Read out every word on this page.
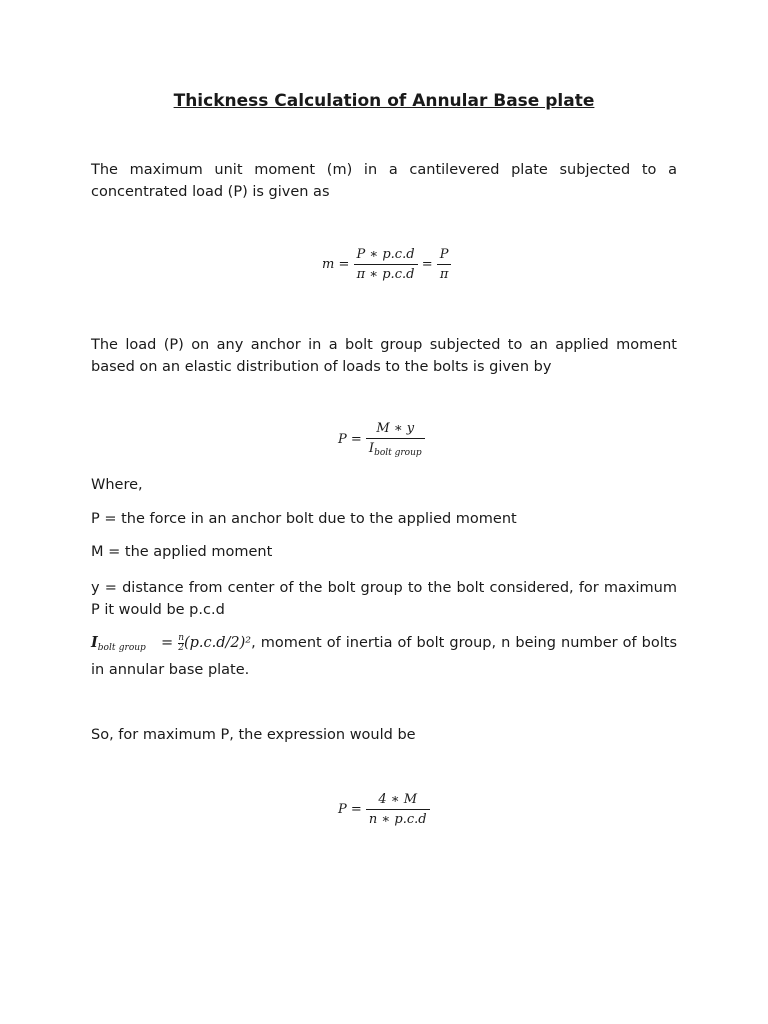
Thickness Calculation of Annular Base plate
The maximum unit moment (m) in a cantilevered plate subjected to a concentrated load (P) is given as
$m = \frac{P ∗ p.c.d}{\pi ∗ p.c.d} = \frac{P}{\pi}$
The load (P) on any anchor in a bolt group subjected to an applied moment based on an elastic distribution of loads to the bolts is given by
$P = \frac{M ∗ y}{I_{bolt group}}$
Where,
P = the force in an anchor bolt due to the applied moment
M = the applied moment
y = distance from center of the bolt group to the bolt considered, for maximum P it would be p.c.d
$I_{bolt group} = \frac{n}{2}(p.c.d/2)^2$, moment of inertia of bolt group, n being number of bolts in annular base plate.
So, for maximum P, the expression would be
$P = \frac{4 ∗ M}{n ∗ p.c.d}$
